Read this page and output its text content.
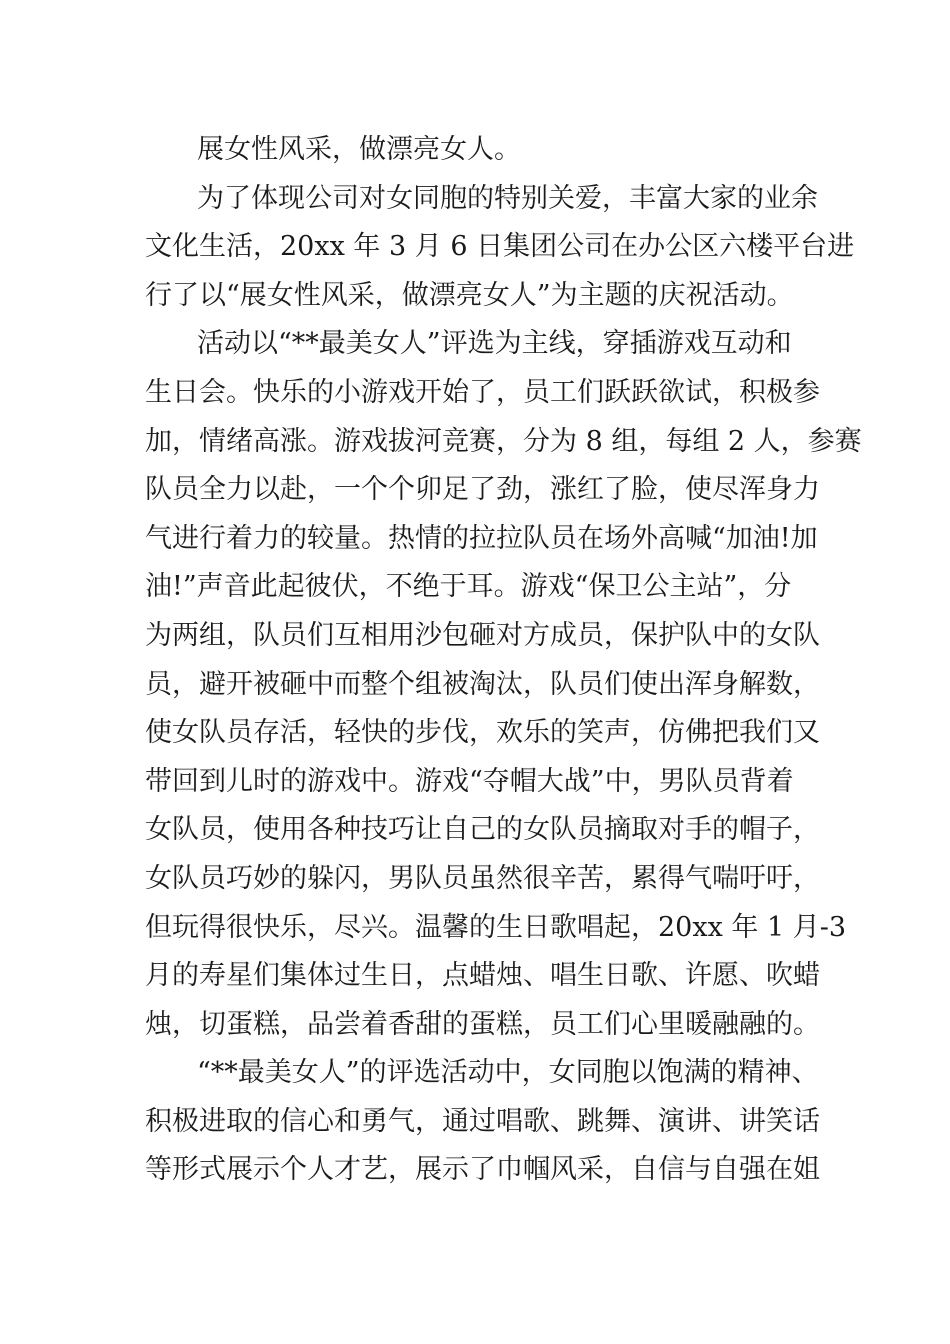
展女性风采，做漂亮女人。
为了体现公司对女同胞的特别关爱，丰富大家的业余
文化生活，20xx 年 3 月 6 日集团公司在办公区六楼平台进
行了以“展女性风采，做漂亮女人”为主题的庆祝活动。
活动以“**最美女人”评选为主线，穿插游戏互动和
生日会。快乐的小游戏开始了，员工们跃跃欲试，积极参
加，情绪高涨。游戏拔河竞赛，分为 8 组，每组 2 人，参赛
队员全力以赴，一个个卯足了劲，涨红了脸，使尽浑身力
气进行着力的较量。热情的拉拉队员在场外高喊“加油!加
油!”声音此起彼伏，不绝于耳。游戏“保卫公主站”，分
为两组，队员们互相用沙包砸对方成员，保护队中的女队
员，避开被砸中而整个组被淘汰，队员们使出浑身解数，
使女队员存活，轻快的步伐，欢乐的笑声，仿佛把我们又
带回到儿时的游戏中。游戏“夺帽大战”中，男队员背着
女队员，使用各种技巧让自己的女队员摘取对手的帽子，
女队员巧妙的躲闪，男队员虽然很辛苦，累得气喘吁吁，
但玩得很快乐，尽兴。温馨的生日歌唱起，20xx 年 1 月-3
月的寿星们集体过生日，点蜡烛、唱生日歌、许愿、吹蜡
烛，切蛋糕，品尝着香甜的蛋糕，员工们心里暖融融的。
“**最美女人”的评选活动中，女同胞以饱满的精神、
积极进取的信心和勇气，通过唱歌、跳舞、演讲、讲笑话
等形式展示个人才艺，展示了巾帼风采，自信与自强在姐
